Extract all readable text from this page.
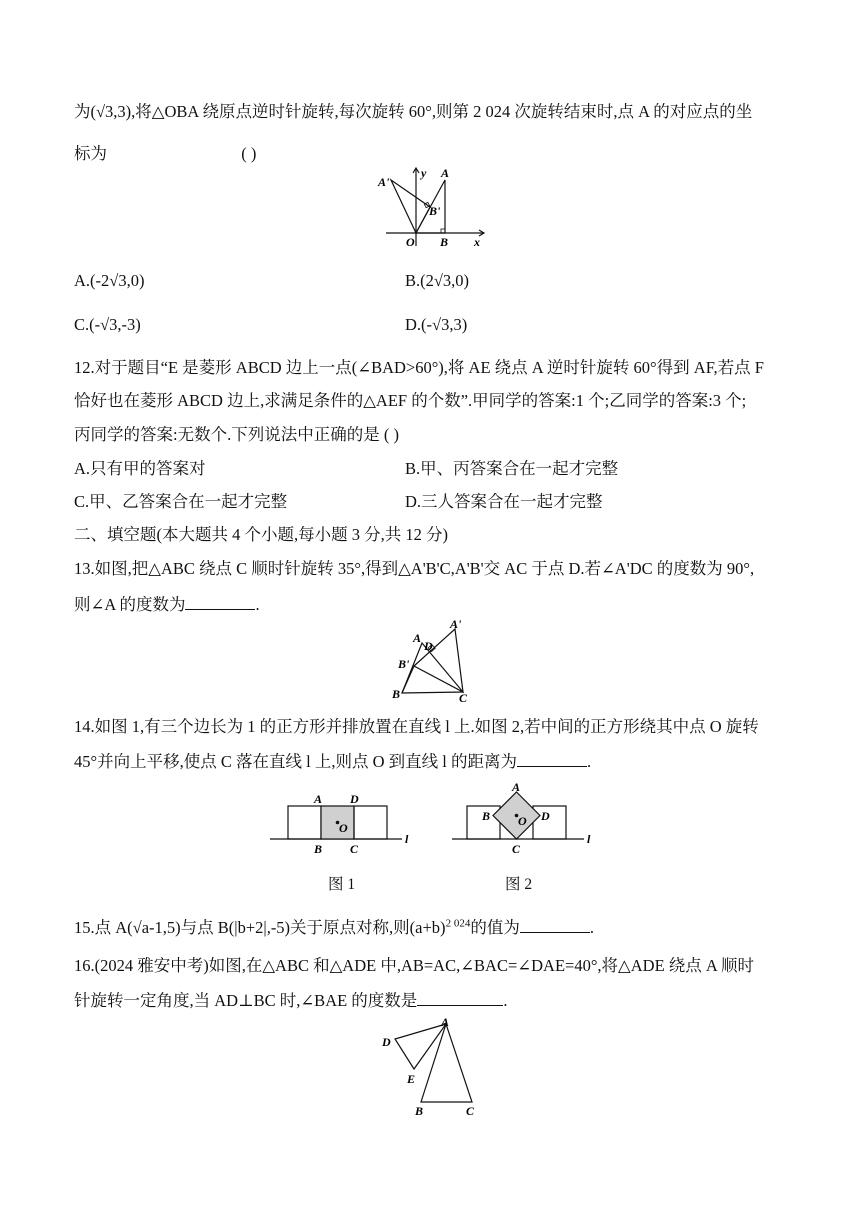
为(√3,3),将△OBA 绕原点逆时针旋转,每次旋转 60°,则第 2 024 次旋转结束时,点 A 的对应点的坐
标为	( )
A'
y A
B'
O B x
A.(-2√3,0)	B.(2√3,0)
C.(-√3,-3)	D.(-√3,3)
12.对于题目“E 是菱形 ABCD 边上一点(∠BAD>60°),将 AE 绕点 A 逆时针旋转 60°得到 AF,若点 F
恰好也在菱形 ABCD 边上,求满足条件的△AEF 的个数”.甲同学的答案:1 个;乙同学的答案:3 个;
丙同学的答案:无数个.下列说法中正确的是 ( )
A.只有甲的答案对	B.甲、丙答案合在一起才完整
C.甲、乙答案合在一起才完整	D.三人答案合在一起才完整
二、填空题(本大题共 4 个小题,每小题 3 分,共 12 分)
13.如图,把△ABC 绕点 C 顺时针旋转 35°,得到△A'B'C,A'B'交 AC 于点 D.若∠A'DC 的度数为 90°,
则∠A 的度数为	.
A
D
A'
B'
B	C
14.如图 1,有三个边长为 1 的正方形并排放置在直线 l 上.如图 2,若中间的正方形绕其中点 O 旋转
45°并向上平移,使点 C 落在直线 l 上,则点 O 到直线 l 的距离为	.
A D
O
B C
l
图 1
A
B	D
O
C
l
图 2
15.点 A(√a-1,5)与点 B(|b+2|,-5)关于原点对称,则$(a+b)^{2 024}$的值为	.
16.(2024 雅安中考)如图,在△ABC 和△ADE 中,AB=AC,∠BAC=∠DAE=40°,将△ADE 绕点 A 顺时
针旋转一定角度,当 AD⊥BC 时,∠BAE 的度数是	.
A
D
E
B	C
